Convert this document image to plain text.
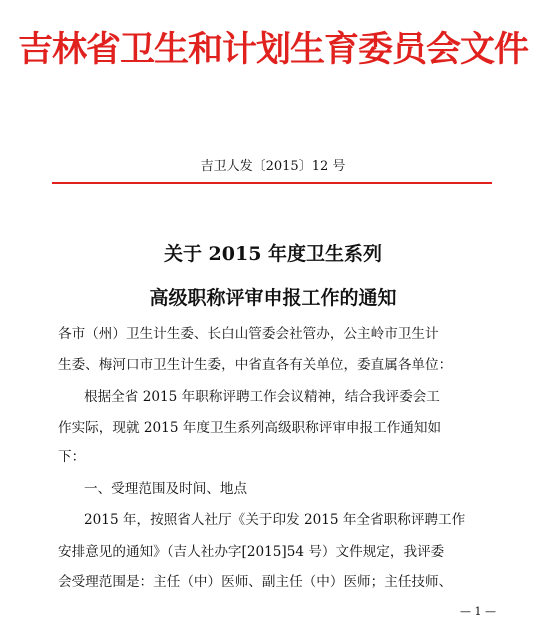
吉林省卫生和计划生育委员会文件
吉卫人发〔2015〕12 号
关于 2015 年度卫生系列
高级职称评审申报工作的通知
各市（州）卫生计生委、长白山管委会社管办，公主岭市卫生计
生委、梅河口市卫生计生委，中省直各有关单位，委直属各单位：
根据全省 2015 年职称评聘工作会议精神，结合我评委会工
作实际，现就 2015 年度卫生系列高级职称评审申报工作通知如
下：
一、受理范围及时间、地点
2015 年，按照省人社厅《关于印发 2015 年全省职称评聘工作
安排意见的通知》（吉人社办字[2015]54 号）文件规定，我评委
会受理范围是：主任（中）医师、副主任（中）医师；主任技师、
— 1 —
